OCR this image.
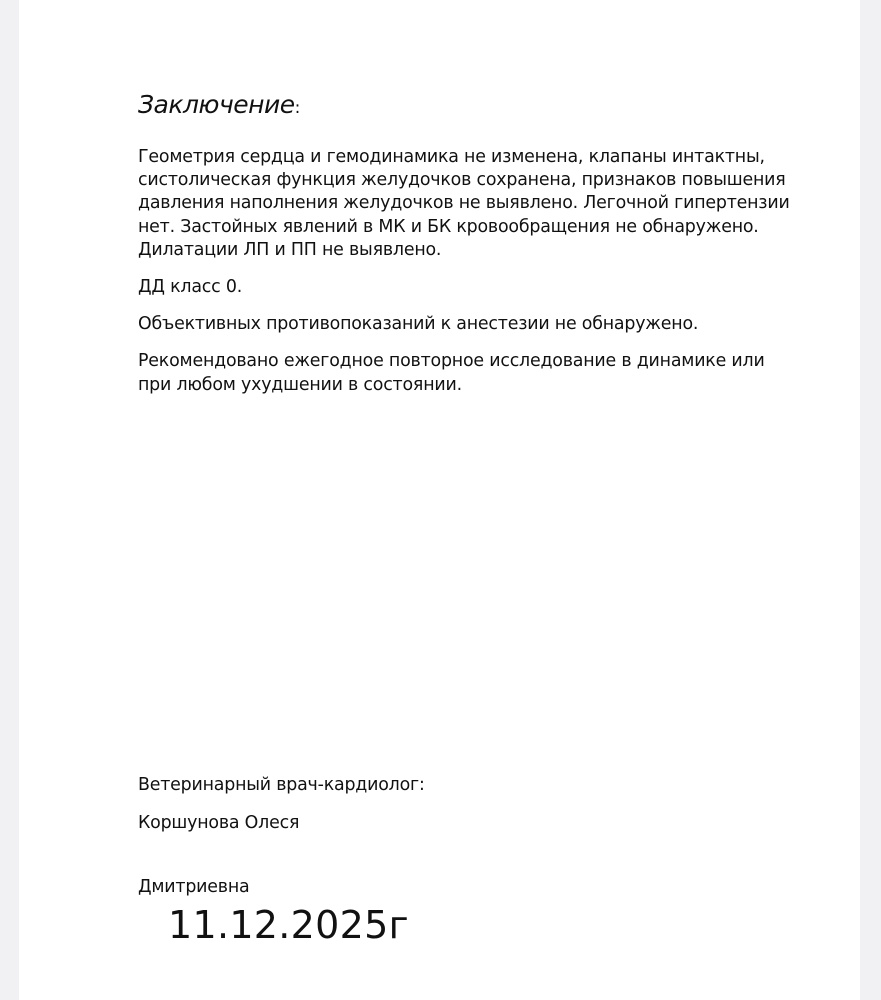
Заключение:

Геометрия сердца и гемодинамика не изменена, клапаны интактны, систолическая функция желудочков сохранена, признаков повышения давления наполнения желудочков не выявлено. Легочной гипертензии нет. Застойных явлений в МК и БК кровообращения не обнаружено. Дилатации ЛП и ПП не выявлено.

ДД класс 0.

Объективных противопоказаний к анестезии не обнаружено.

Рекомендовано ежегодное повторное исследование в динамике или при любом ухудшении в состоянии.

Ветеринарный врач-кардиолог:

Коршунова Олеся

Дмитриевна

11.12.2025г
